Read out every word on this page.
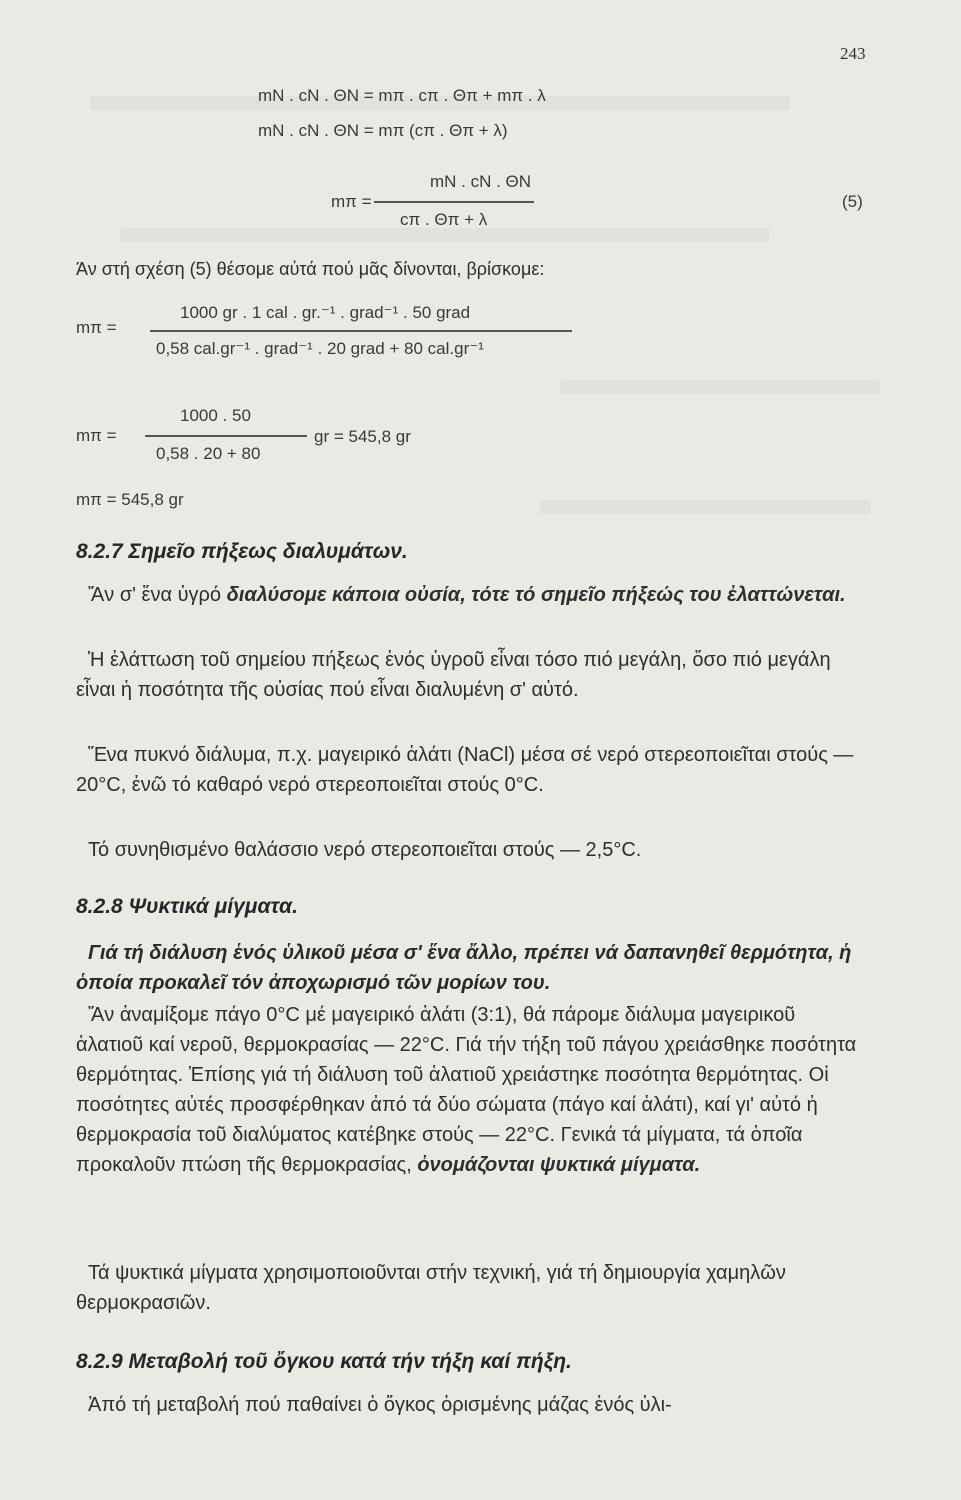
243
mN . cN . ΘN = mπ . cπ . Θπ + mπ . λ
mN . cN . ΘN = mπ (cπ . Θπ + λ)
mπ =
mN . cN . ΘN
cπ . Θπ + λ
(5)
Άν στή σχέση (5) θέσομε αὐτά πού μᾶς δίνονται, βρίσκομε:
mπ =
1000 gr . 1 cal . gr.⁻¹ . grad⁻¹ . 50 grad
0,58 cal.gr⁻¹ . grad⁻¹ . 20 grad + 80 cal.gr⁻¹
mπ =
1000 . 50
0,58 . 20 + 80
gr = 545,8 gr
mπ = 545,8 gr
8.2.7 Σημεῖο πήξεως διαλυμάτων.
Ἄν σ' ἕνα ὑγρό διαλύσομε κάποια οὐσία, τότε τό σημεῖο πήξεώς του ἐλαττώνεται.
Ἡ ἐλάττωση τοῦ σημείου πήξεως ἑνός ὑγροῦ εἶναι τόσο πιό μεγάλη, ὅσο πιό μεγάλη εἶναι ἡ ποσότητα τῆς οὐσίας πού εἶναι διαλυμένη σ' αὐτό.
Ἕνα πυκνό διάλυμα, π.χ. μαγειρικό ἁλάτι (NaCl) μέσα σέ νερό στερεοποιεῖται στούς — 20°C, ἐνῶ τό καθαρό νερό στερεοποιεῖται στούς 0°C.
Τό συνηθισμένο θαλάσσιο νερό στερεοποιεῖται στούς — 2,5°C.
8.2.8 Ψυκτικά μίγματα.
Γιά τή διάλυση ἑνός ὑλικοῦ μέσα σ' ἕνα ἄλλο, πρέπει νά δαπανηθεῖ θερμότητα, ἡ ὁποία προκαλεῖ τόν ἀποχωρισμό τῶν μορίων του.
Ἄν ἀναμίξομε πάγο 0°C μέ μαγειρικό ἁλάτι (3:1), θά πάρομε διάλυμα μαγειρικοῦ ἁλατιοῦ καί νεροῦ, θερμοκρασίας — 22°C. Γιά τήν τήξη τοῦ πάγου χρειάσθηκε ποσότητα θερμότητας. Ἐπίσης γιά τή διάλυση τοῦ ἁλατιοῦ χρειάστηκε ποσότητα θερμότητας. Οἱ ποσότητες αὐτές προσφέρθηκαν ἀπό τά δύο σώματα (πάγο καί ἁλάτι), καί γι' αὐτό ἡ θερμοκρασία τοῦ διαλύματος κατέβηκε στούς — 22°C. Γενικά τά μίγματα, τά ὁποῖα προκαλοῦν πτώση τῆς θερμοκρασίας, ὀνομάζονται ψυκτικά μίγματα.
Τά ψυκτικά μίγματα χρησιμοποιοῦνται στήν τεχνική, γιά τή δημιουργία χαμηλῶν θερμοκρασιῶν.
8.2.9 Μεταβολή τοῦ ὄγκου κατά τήν τήξη καί πήξη.
Ἀπό τή μεταβολή πού παθαίνει ὁ ὄγκος ὁρισμένης μάζας ἑνός ὑλι-
